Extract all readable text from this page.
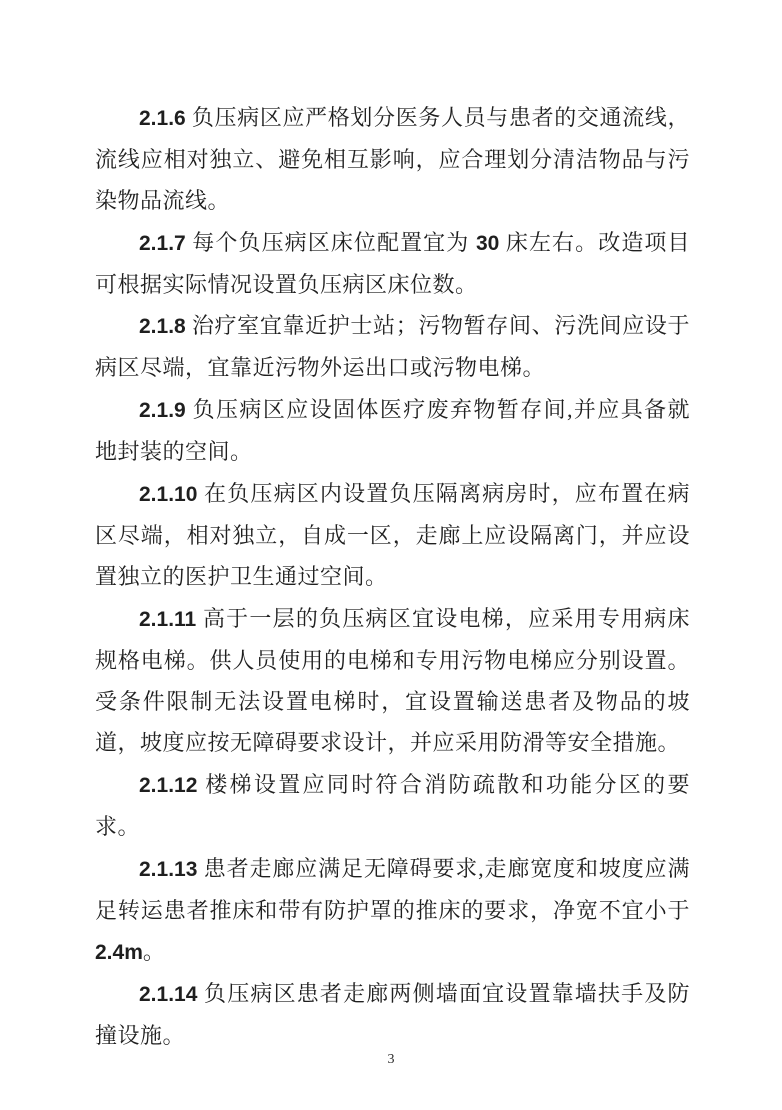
2.1.6 负压病区应严格划分医务人员与患者的交通流线，流线应相对独立、避免相互影响，应合理划分清洁物品与污染物品流线。

2.1.7 每个负压病区床位配置宜为 30 床左右。改造项目可根据实际情况设置负压病区床位数。

2.1.8 治疗室宜靠近护士站；污物暂存间、污洗间应设于病区尽端，宜靠近污物外运出口或污物电梯。

2.1.9 负压病区应设固体医疗废弃物暂存间,并应具备就地封装的空间。

2.1.10 在负压病区内设置负压隔离病房时，应布置在病区尽端，相对独立，自成一区，走廊上应设隔离门，并应设置独立的医护卫生通过空间。

2.1.11 高于一层的负压病区宜设电梯，应采用专用病床规格电梯。供人员使用的电梯和专用污物电梯应分别设置。受条件限制无法设置电梯时，宜设置输送患者及物品的坡道，坡度应按无障碍要求设计，并应采用防滑等安全措施。

2.1.12 楼梯设置应同时符合消防疏散和功能分区的要求。

2.1.13 患者走廊应满足无障碍要求,走廊宽度和坡度应满足转运患者推床和带有防护罩的推床的要求，净宽不宜小于 2.4m。

2.1.14 负压病区患者走廊两侧墙面宜设置靠墙扶手及防撞设施。

3
